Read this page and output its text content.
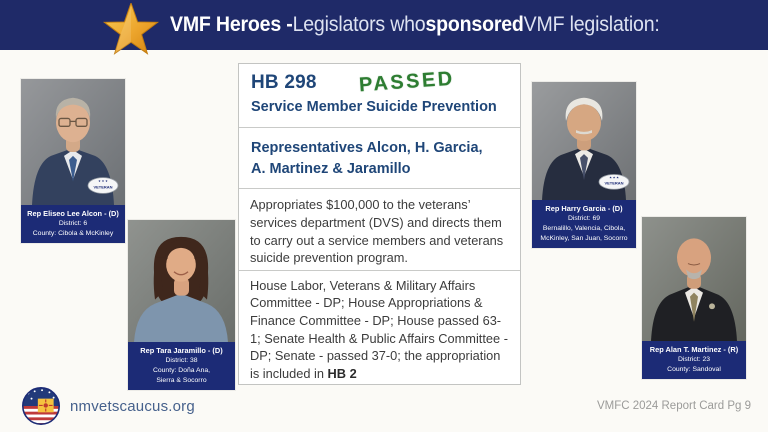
VMF Heroes - Legislators who sponsored VMF legislation:
★ ★ ★
VETERAN
Rep Eliseo Lee Alcon - (D)
District: 6
County: Cibola & McKinley
Rep Tara Jaramillo - (D)
District: 38
County: Doña Ana,
Sierra & Socorro
★ ★ ★
VETERAN
Rep Harry Garcia - (D)
District: 69
Bernalillo, Valencia, Cibola,
McKinley, San Juan, Socorro
Rep Alan T. Martinez - (R)
District: 23
County: Sandoval
HB 298 PASSED
Service Member Suicide Prevention
Representatives Alcon, H. Garcia,
A. Martinez & Jaramillo
Appropriates $100,000 to the veterans’ services department (DVS) and directs them to carry out a service members and veterans suicide prevention program.
House Labor, Veterans & Military Affairs Committee - DP; House Appropriations & Finance Committee - DP; House passed 63-1; Senate Health & Public Affairs Committee - DP; Senate - passed 37-0; the appropriation is included in HB 2
nmvetscaucus.org	VMFC 2024 Report Card Pg 9
